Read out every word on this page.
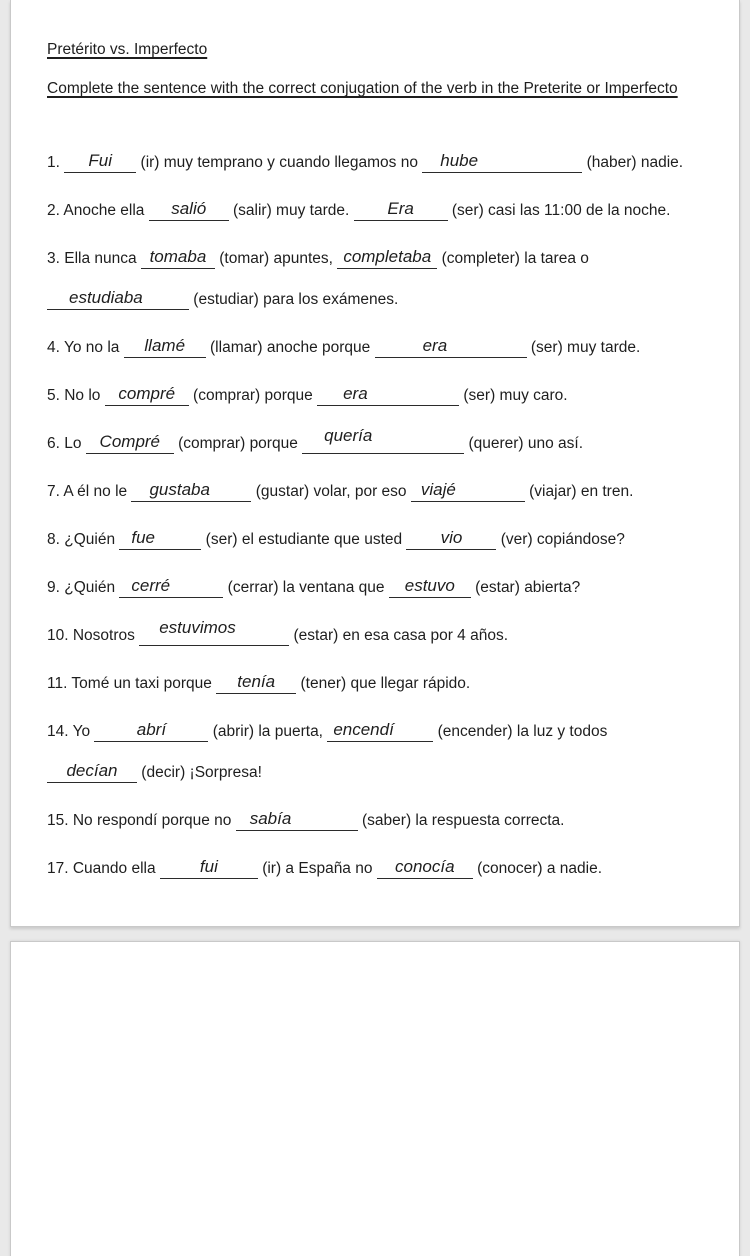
Pretérito vs. Imperfecto
Complete the sentence with the correct conjugation of the verb in the Preterite or Imperfecto
1. Fui (ir) muy temprano y cuando llegamos no hube	(haber) nadie.
2. Anoche ella salió (salir) muy tarde. Era (ser) casi las 11:00 de la noche.
3. Ella nunca tomaba (tomar) apuntes, completaba (completer) la tarea o
estudiaba	(estudiar) para los exámenes.
4. Yo no la llamé (llamar) anoche porque	era	(ser) muy tarde.
5. No lo compré (comprar) porque era	(ser) muy caro.
6. Lo Compré (comprar) porque quería	(querer) uno así.
7. A él no le gustaba	(gustar) volar, por eso viajé	(viajar) en tren.
8. ¿Quién fue	(ser) el estudiante que usted vio (ver) copiándose?
9. ¿Quién cerré	(cerrar) la ventana que estuvo (estar) abierta?
10. Nosotros estuvimos	(estar) en esa casa por 4 años.
11. Tomé un taxi porque tenía (tener) que llegar rápido.
14. Yo abrí	(abrir) la puerta, encendí	(encender) la luz y todos
decían (decir) ¡Sorpresa!
15. No respondí porque no sabía	(saber) la respuesta correcta.
17. Cuando ella fui	(ir) a España no conocía (conocer) a nadie.
